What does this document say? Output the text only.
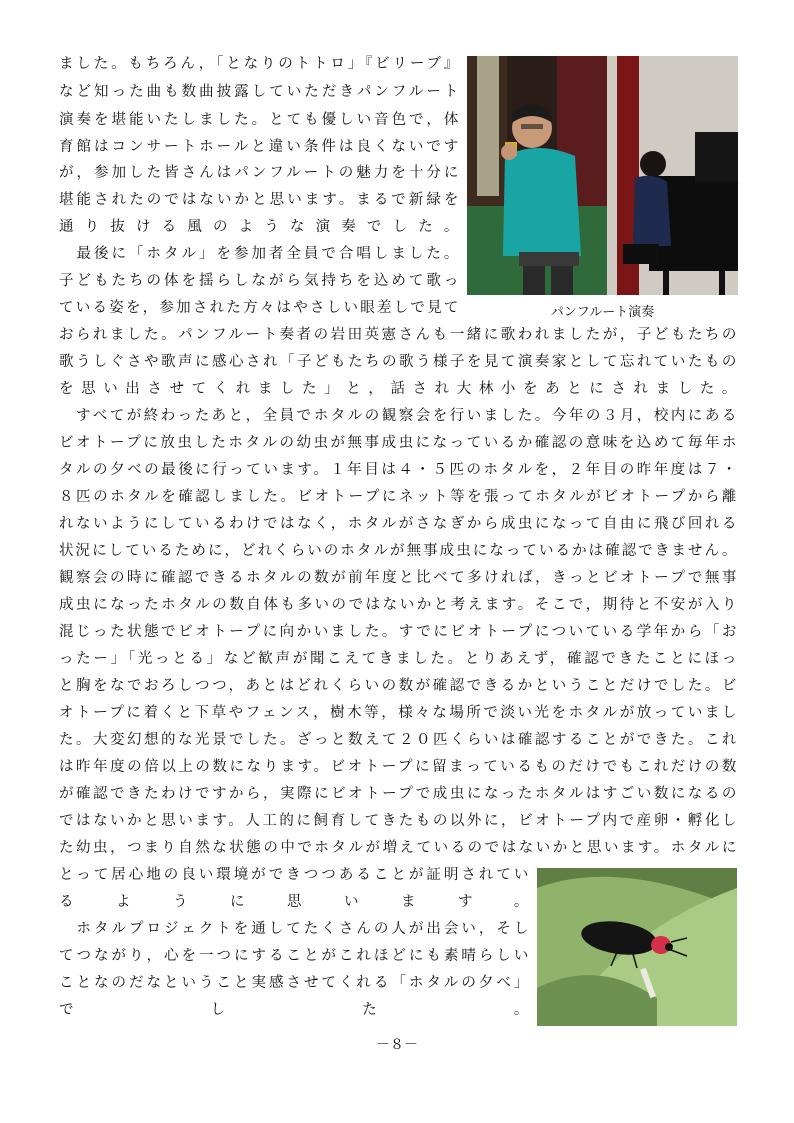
ました。もちろん，「となりのトトロ」『ビリーブ』
など知った曲も数曲披露していただきパンフルート
演奏を堪能いたしました。とても優しい音色で，体
育館はコンサートホールと違い条件は良くないです
が，参加した皆さんはパンフルートの魅力を十分に
堪能されたのではないかと思います。まるで新緑を
通り抜ける風のような演奏でした。
　最後に「ホタル」を参加者全員で合唱しました。
子どもたちの体を揺らしながら気持ちを込めて歌っ
ている姿を，参加された方々はやさしい眼差しで見て
おられました。パンフルート奏者の岩田英憲さんも一緒に歌われましたが，子どもたちの
歌うしぐさや歌声に感心され「子どもたちの歌う様子を見て演奏家として忘れていたもの
を思い出させてくれました」と，話され大林小をあとにされました。
　すべてが終わったあと，全員でホタルの観察会を行いました。今年の３月，校内にある
ビオトープに放虫したホタルの幼虫が無事成虫になっているか確認の意味を込めて毎年ホ
タルの夕べの最後に行っています。１年目は４・５匹のホタルを，２年目の昨年度は７・
８匹のホタルを確認しました。ビオトープにネット等を張ってホタルがビオトープから離
れないようにしているわけではなく，ホタルがさなぎから成虫になって自由に飛び回れる
状況にしているために，どれくらいのホタルが無事成虫になっているかは確認できません。
観察会の時に確認できるホタルの数が前年度と比べて多ければ，きっとビオトープで無事
成虫になったホタルの数自体も多いのではないかと考えます。そこで，期待と不安が入り
混じった状態でビオトープに向かいました。すでにビオトープについている学年から「お
ったー」「光っとる」など歓声が聞こえてきました。とりあえず，確認できたことにほっ
と胸をなでおろしつつ，あとはどれくらいの数が確認できるかということだけでした。ビ
オトープに着くと下草やフェンス，樹木等，様々な場所で淡い光をホタルが放っていまし
た。大変幻想的な光景でした。ざっと数えて２０匹くらいは確認することができた。これ
は昨年度の倍以上の数になります。ビオトープに留まっているものだけでもこれだけの数
が確認できたわけですから，実際にビオトープで成虫になったホタルはすごい数になるの
ではないかと思います。人工的に飼育してきたもの以外に，ビオトープ内で産卵・孵化し
た幼虫，つまり自然な状態の中でホタルが増えているのではないかと思います。ホタルに
とって居心地の良い環境ができつつあることが証明されてい
るように思います。
　ホタルプロジェクトを通してたくさんの人が出会い，そし
てつながり，心を一つにすることがこれほどにも素晴らしい
ことなのだなということ実感させてくれる「ホタルの夕べ」
でした。
パンフルート演奏
－８－
